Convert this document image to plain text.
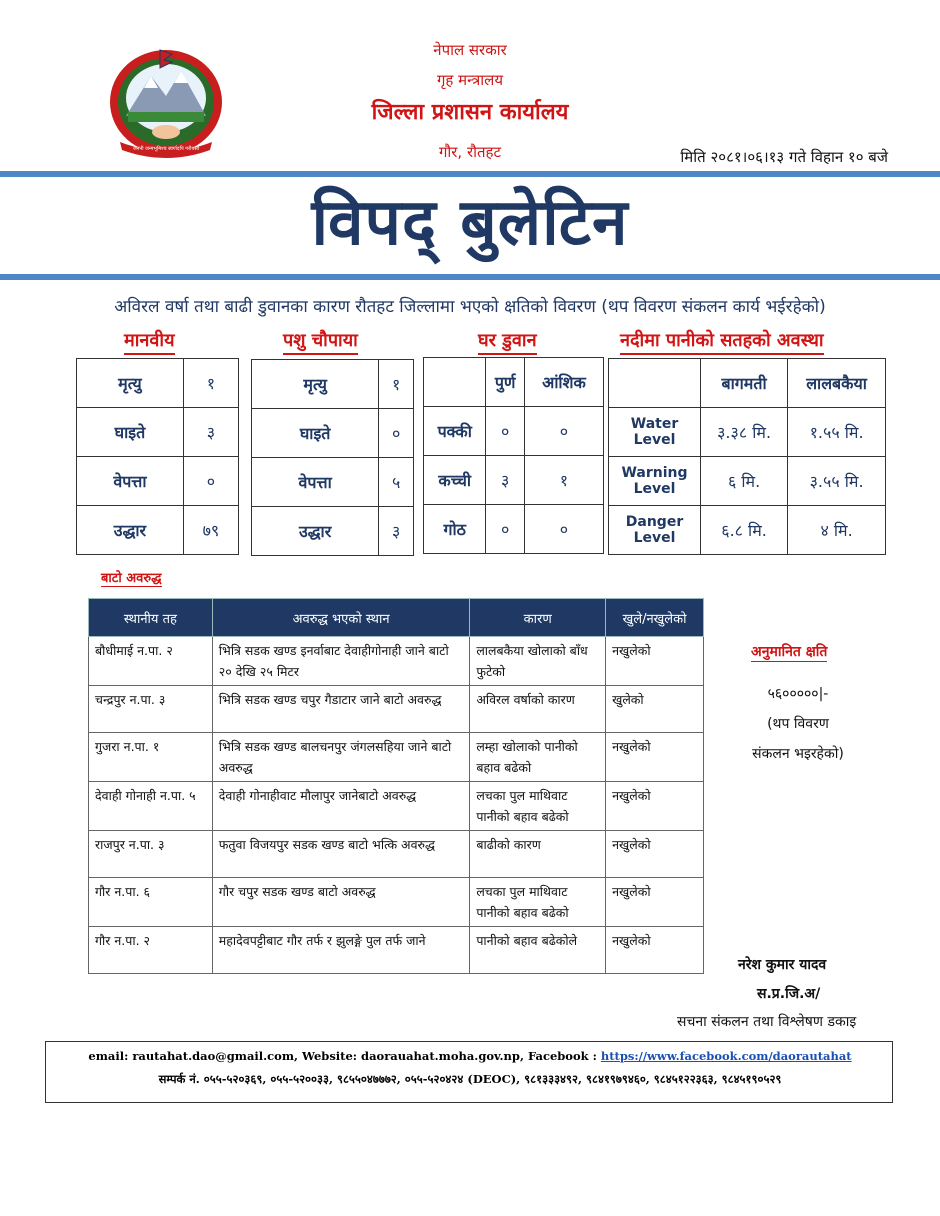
जननी जन्मभूमिश्च स्वर्गादपि गरीयसी
नेपाल सरकार
गृह मन्त्रालय
जिल्ला प्रशासन कार्यालय
गौर, रौतहट	मिति २०८१।०६।१३ गते विहान १० बजे
विपद् बुलेटिन
अविरल वर्षा तथा बाढी डुवानका कारण रौतहट जिल्लामा भएको क्षतिको विवरण (थप विवरण संकलन कार्य भईरहेको)
मानवीय	पशु चौपाया	घर डुवान	नदीमा पानीको सतहको अवस्था
मृत्यु	१
घाइते	३
वेपत्ता	०
उद्धार	७९
मृत्यु	१
घाइते	०
वेपत्ता	५
उद्धार	३
	पुर्ण	आंशिक
पक्की	०	०
कच्ची	३	१
गोठ	०	०
	बागमती	लालबकैया
Water Level	३.३८ मि.	१.५५ मि.
Warning Level	६ मि.	३.५५ मि.
Danger Level	६.८ मि.	४ मि.
बाटो अवरुद्ध
स्थानीय तह	अवरुद्ध भएको स्थान	कारण	खुले/नखुलेको
बौधीमाई न.पा. २	भित्रि सडक खण्ड इनर्वाबाट देवाहीगोनाही जाने बाटो २० देखि २५ मिटर	लालबकैया खोलाको बाँध फुटेको	नखुलेको
चन्द्रपुर न.पा. ३	भित्रि सडक खण्ड चपुर गैडाटार जाने बाटो अवरुद्ध	अविरल वर्षाको कारण	खुलेको
गुजरा न.पा. १	भित्रि सडक खण्ड बालचनपुर जंगलसहिया जाने बाटो अवरुद्ध	लम्हा खोलाको पानीको बहाव बढेको	नखुलेको
देवाही गोनाही न.पा. ५	देवाही गोनाहीवाट मौलापुर जानेबाटो अवरुद्ध	लचका पुल माथिवाट पानीको बहाव बढेको	नखुलेको
राजपुर न.पा. ३	फतुवा विजयपुर सडक खण्ड बाटो भत्कि अवरुद्ध	बाढीको कारण	नखुलेको
गौर न.पा. ६	गौर चपुर सडक खण्ड बाटो अवरुद्ध	लचका पुल माथिवाट पानीको बहाव बढेको	नखुलेको
गौर न.पा. २	महादेवपट्टीबाट गौर तर्फ र झुलङ्गे पुल तर्फ जाने	पानीको बहाव बढेकोले	नखुलेको
अनुमानित क्षति
५६०००००|-
(थप विवरण
संकलन भइरहेको)
नरेश कुमार यादव
स.प्र.जि.अ/
सचना संकलन तथा विश्लेषण डकाइ
email: rautahat.dao@gmail.com, Website: daorauahat.moha.gov.np, Facebook : https://www.facebook.com/daorautahat
सम्पर्क नं. ०५५-५२०३६९, ०५५-५२००३३, ९८५५०४७७७२, ०५५-५२०४२४ (DEOC), ९८१३३३४९२, ९८४१९७९४६०, ९८४५१२२३६३, ९८४५१९०५२९
